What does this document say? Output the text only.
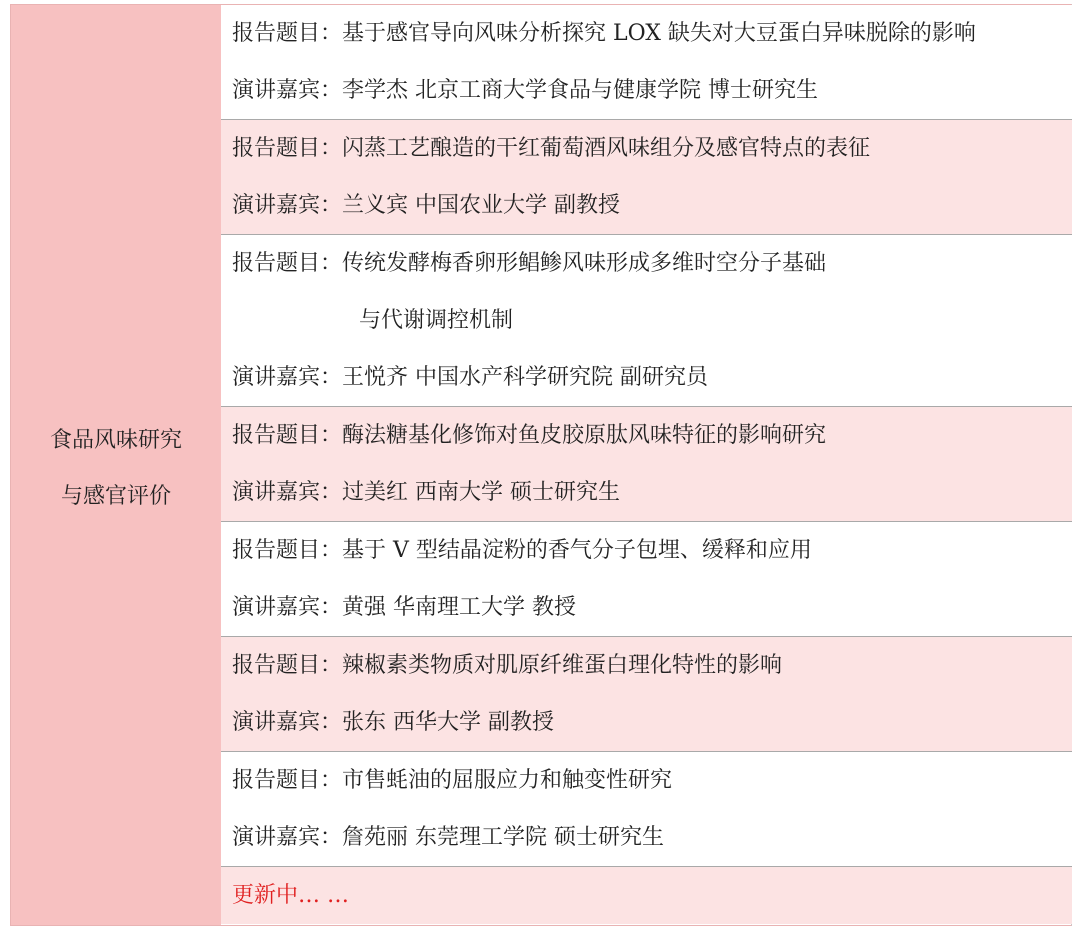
食品风味研究
与感官评价
报告题目：基于感官导向风味分析探究 LOX 缺失对大豆蛋白异味脱除的影响
演讲嘉宾：李学杰 北京工商大学食品与健康学院 博士研究生
报告题目：闪蒸工艺酿造的干红葡萄酒风味组分及感官特点的表征
演讲嘉宾：兰义宾 中国农业大学 副教授
报告题目：传统发酵梅香卵形鲳鲹风味形成多维时空分子基础
与代谢调控机制
演讲嘉宾：王悦齐 中国水产科学研究院 副研究员
报告题目：酶法糖基化修饰对鱼皮胶原肽风味特征的影响研究
演讲嘉宾：过美红 西南大学 硕士研究生
报告题目：基于 V 型结晶淀粉的香气分子包埋、缓释和应用
演讲嘉宾：黄强 华南理工大学 教授
报告题目：辣椒素类物质对肌原纤维蛋白理化特性的影响
演讲嘉宾：张东 西华大学 副教授
报告题目：市售蚝油的屈服应力和触变性研究
演讲嘉宾：詹苑丽 东莞理工学院 硕士研究生
更新中… …
